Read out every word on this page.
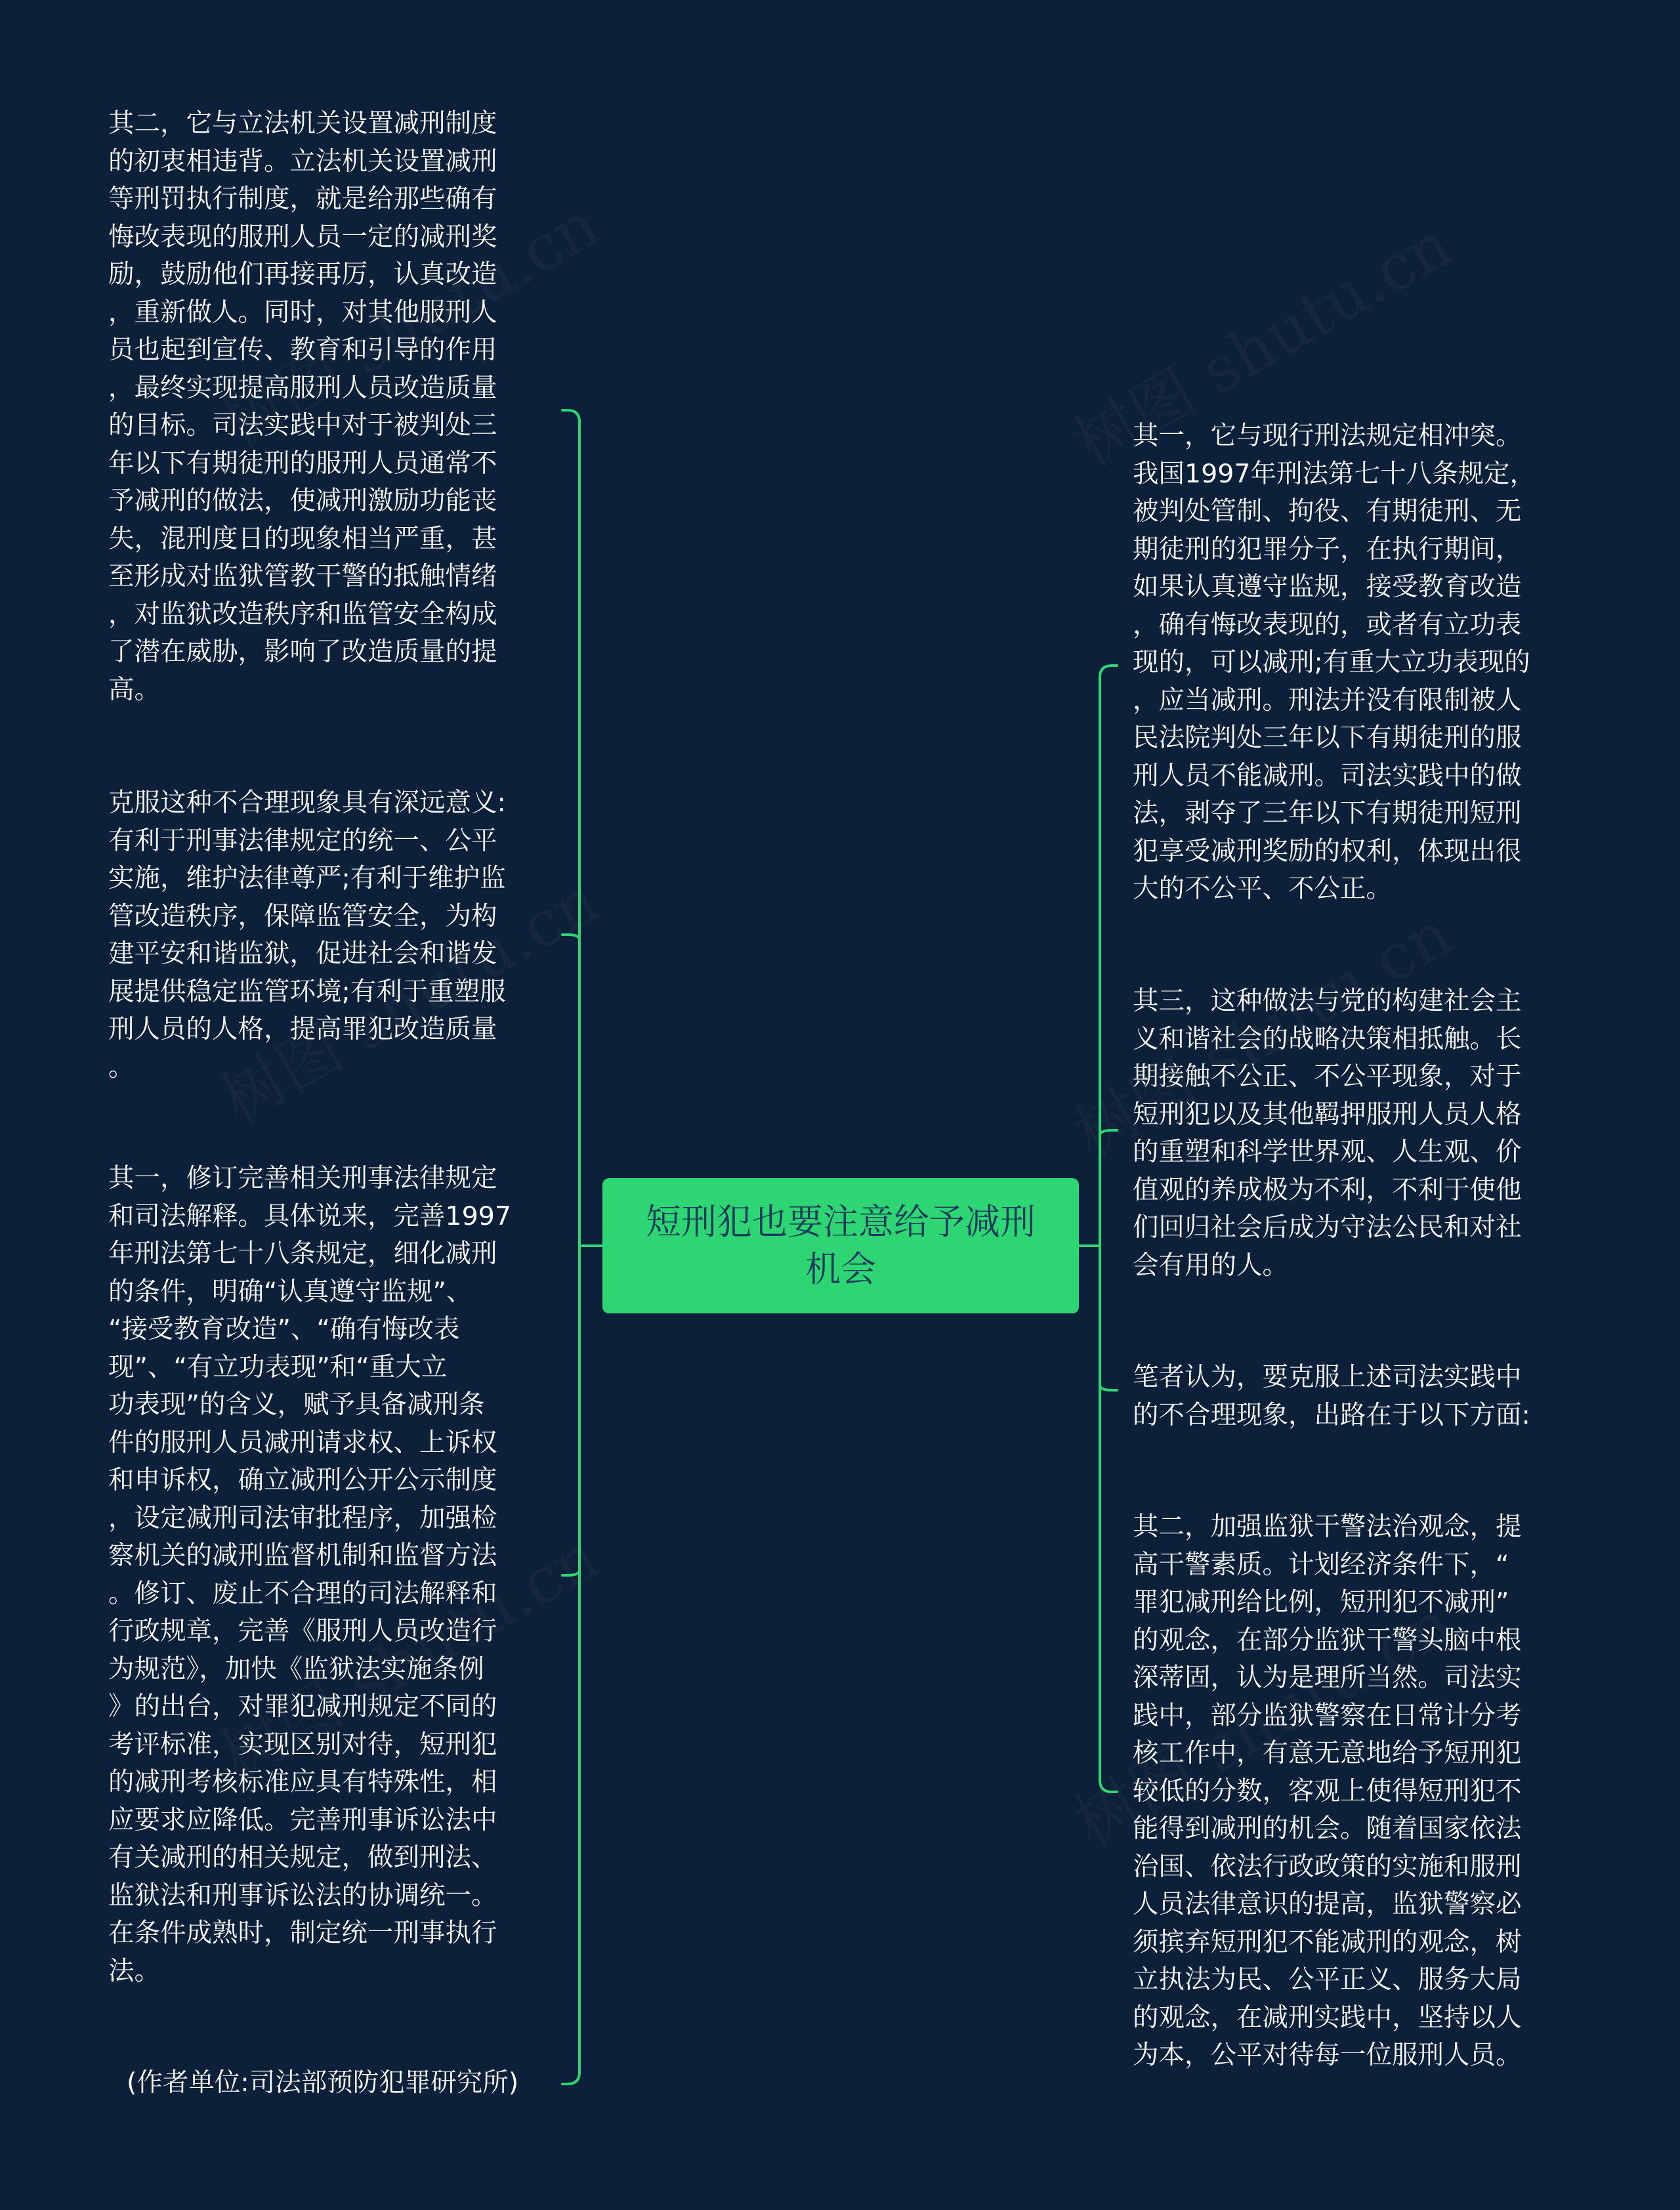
短刑犯也要注意给予减刑
机会

其二，它与立法机关设置减刑制度
的初衷相违背。立法机关设置减刑
等刑罚执行制度，就是给那些确有
悔改表现的服刑人员一定的减刑奖
励，鼓励他们再接再厉，认真改造
，重新做人。同时，对其他服刑人
员也起到宣传、教育和引导的作用
，最终实现提高服刑人员改造质量
的目标。司法实践中对于被判处三
年以下有期徒刑的服刑人员通常不
予减刑的做法，使减刑激励功能丧
失，混刑度日的现象相当严重，甚
至形成对监狱管教干警的抵触情绪
，对监狱改造秩序和监管安全构成
了潜在威胁，影响了改造质量的提
高。

克服这种不合理现象具有深远意义:
有利于刑事法律规定的统一、公平
实施，维护法律尊严;有利于维护监
管改造秩序，保障监管安全，为构
建平安和谐监狱，促进社会和谐发
展提供稳定监管环境;有利于重塑服
刑人员的人格，提高罪犯改造质量
。

其一，修订完善相关刑事法律规定
和司法解释。具体说来，完善1997
年刑法第七十八条规定，细化减刑
的条件，明确“认真遵守监规”、
“接受教育改造”、“确有悔改表
现”、“有立功表现”和“重大立
功表现”的含义，赋予具备减刑条
件的服刑人员减刑请求权、上诉权
和申诉权，确立减刑公开公示制度
，设定减刑司法审批程序，加强检
察机关的减刑监督机制和监督方法
。修订、废止不合理的司法解释和
行政规章，完善《服刑人员改造行
为规范》，加快《监狱法实施条例
》的出台，对罪犯减刑规定不同的
考评标准，实现区别对待，短刑犯
的减刑考核标准应具有特殊性，相
应要求应降低。完善刑事诉讼法中
有关减刑的相关规定，做到刑法、
监狱法和刑事诉讼法的协调统一。
在条件成熟时，制定统一刑事执行
法。

(作者单位:司法部预防犯罪研究所)

其一，它与现行刑法规定相冲突。
我国1997年刑法第七十八条规定，
被判处管制、拘役、有期徒刑、无
期徒刑的犯罪分子，在执行期间，
如果认真遵守监规，接受教育改造
，确有悔改表现的，或者有立功表
现的，可以减刑;有重大立功表现的
，应当减刑。刑法并没有限制被人
民法院判处三年以下有期徒刑的服
刑人员不能减刑。司法实践中的做
法，剥夺了三年以下有期徒刑短刑
犯享受减刑奖励的权利，体现出很
大的不公平、不公正。

其三，这种做法与党的构建社会主
义和谐社会的战略决策相抵触。长
期接触不公正、不公平现象，对于
短刑犯以及其他羁押服刑人员人格
的重塑和科学世界观、人生观、价
值观的养成极为不利，不利于使他
们回归社会后成为守法公民和对社
会有用的人。

笔者认为，要克服上述司法实践中
的不合理现象，出路在于以下方面:

其二，加强监狱干警法治观念，提
高干警素质。计划经济条件下，“
罪犯减刑给比例，短刑犯不减刑”
的观念，在部分监狱干警头脑中根
深蒂固，认为是理所当然。司法实
践中，部分监狱警察在日常计分考
核工作中，有意无意地给予短刑犯
较低的分数，客观上使得短刑犯不
能得到减刑的机会。随着国家依法
治国、依法行政政策的实施和服刑
人员法律意识的提高，监狱警察必
须摈弃短刑犯不能减刑的观念，树
立执法为民、公平正义、服务大局
的观念，在减刑实践中，坚持以人
为本，公平对待每一位服刑人员。
